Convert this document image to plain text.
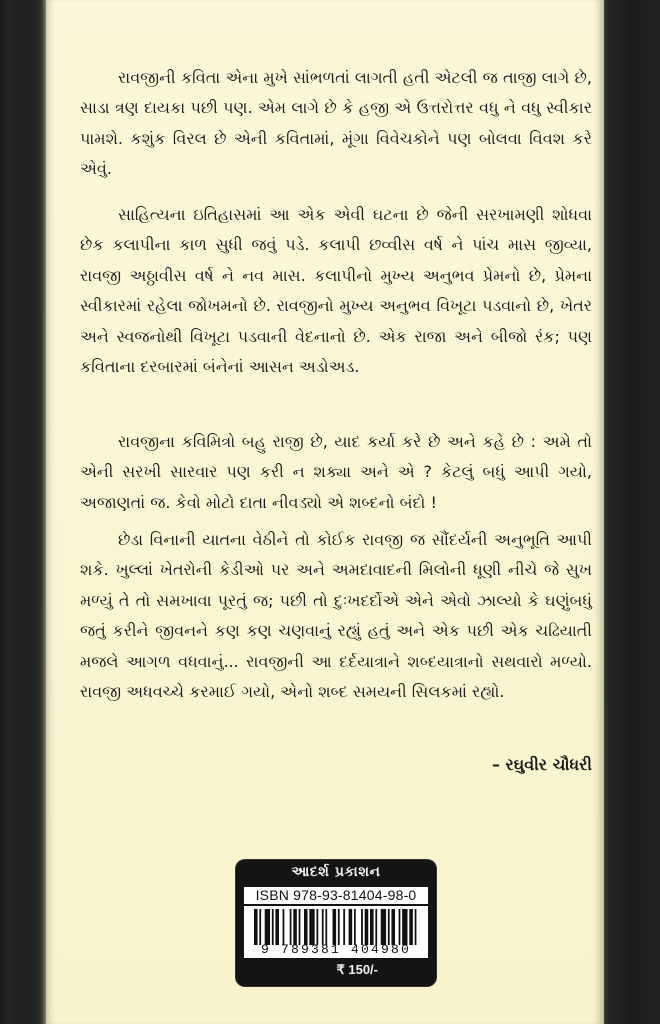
રાવજીની કવિતા એના મુખે સાંભળતાં લાગતી હતી એટલી જ તાજી લાગે છે, સાડા ત્રણ દાયકા પછી પણ. એમ લાગે છે કે હજી એ ઉત્તરોત્તર વધુ ને વધુ સ્વીકાર પામશે. કશુંક વિરલ છે એની કવિતામાં, મૂંગા વિવેચકોને પણ બોલવા વિવશ કરે એવું.

સાહિત્યના ઇતિહાસમાં આ એક એવી ઘટના છે જેની સરખામણી શોધવા છેક કલાપીના કાળ સુધી જવું પડે. કલાપી છવ્વીસ વર્ષ ને પાંચ માસ જીવ્યા, રાવજી અઠ્ઠાવીસ વર્ષ ને નવ માસ. કલાપીનો મુખ્ય અનુભવ પ્રેમનો છે, પ્રેમના સ્વીકારમાં રહેલા જોખમનો છે. રાવજીનો મુખ્ય અનુભવ વિખૂટા પડવાનો છે, ખેતર અને સ્વજનોથી વિખૂટા પડવાની વેદનાનો છે. એક રાજા અને બીજો રંક; પણ કવિતાના દરબારમાં બંનેનાં આસન અડોઅડ.

રાવજીના કવિમિત્રો બહુ રાજી છે, યાદ કર્યા કરે છે અને કહે છે : અમે તો એની સરખી સારવાર પણ કરી ન શક્યા અને એ ? કેટલું બધું આપી ગયો, અજાણતાં જ. કેવો મોટો દાતા નીવડ્યો એ શબ્દનો બંદો !

છેડા વિનાની યાતના વેઠીને તો કોઈક રાવજી જ સૌંદર્યની અનુભૂતિ આપી શકે. ખુલ્લાં ખેતરોની કેડીઓ પર અને અમદાવાદની મિલોની ધૂણી નીચે જે સુખ મળ્યું તે તો સમખાવા પૂરતું જ; પછી તો દુઃખદર્દોએ એને એવો ઝાલ્યો કે ઘણુંબધું જતું કરીને જીવનને કણ કણ ચણવાનું રહ્યું હતું અને એક પછી એક ચઢિયાતી મજલે આગળ વધવાનું... રાવજીની આ દર્દયાત્રાને શબ્દયાત્રાનો સથવારો મળ્યો. રાવજી અધવચ્ચે કરમાઈ ગયો, એનો શબ્દ સમયની સિલકમાં રહ્યો.

– રઘુવીર ચૌધરી
આદર્શ પ્રકાશન
ISBN 978-93-81404-98-0
9 789381 404980
₹ 150/-
